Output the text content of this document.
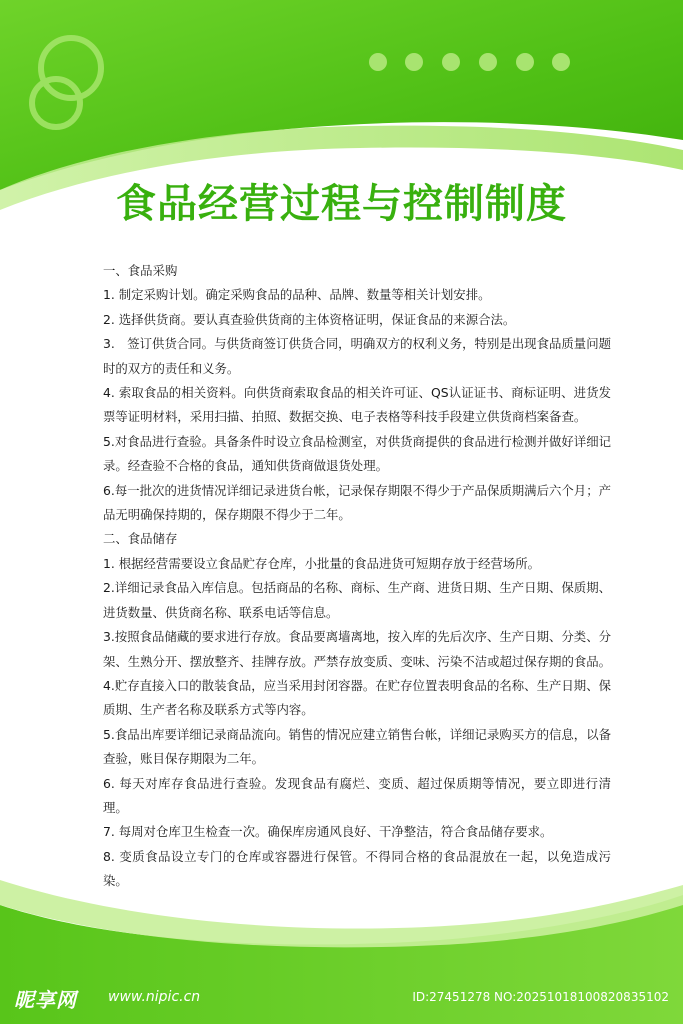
食品经营过程与控制制度

一、食品采购

1. 制定采购计划。确定采购食品的品种、品牌、数量等相关计划安排。

2. 选择供货商。要认真查验供货商的主体资格证明，保证食品的来源合法。

3.　签订供货合同。与供货商签订供货合同，明确双方的权利义务，特别是出现食品质量问题时的双方的责任和义务。

4. 索取食品的相关资料。向供货商索取食品的相关许可证、QS认证证书、商标证明、进货发票等证明材料，采用扫描、拍照、数据交换、电子表格等科技手段建立供货商档案备查。

5.对食品进行查验。具备条件时设立食品检测室，对供货商提供的食品进行检测并做好详细记录。经查验不合格的食品，通知供货商做退货处理。

6.每一批次的进货情况详细记录进货台帐，记录保存期限不得少于产品保质期满后六个月；产品无明确保持期的，保存期限不得少于二年。

二、食品储存

1. 根据经营需要设立食品贮存仓库，小批量的食品进货可短期存放于经营场所。

2.详细记录食品入库信息。包括商品的名称、商标、生产商、进货日期、生产日期、保质期、进货数量、供货商名称、联系电话等信息。

3.按照食品储藏的要求进行存放。食品要离墙离地，按入库的先后次序、生产日期、分类、分架、生熟分开、摆放整齐、挂牌存放。严禁存放变质、变味、污染不洁或超过保存期的食品。

4.贮存直接入口的散装食品，应当采用封闭容器。在贮存位置表明食品的名称、生产日期、保质期、生产者名称及联系方式等内容。

5.食品出库要详细记录商品流向。销售的情况应建立销售台帐，详细记录购买方的信息，以备查验，账目保存期限为二年。

6. 每天对库存食品进行查验。发现食品有腐烂、变质、超过保质期等情况，要立即进行清理。

7. 每周对仓库卫生检查一次。确保库房通风良好、干净整洁，符合食品储存要求。

8. 变质食品设立专门的仓库或容器进行保管。不得同合格的食品混放在一起，以免造成污染。

昵享网 www.nipic.cn	ID:27451278 NO:20251018100820835102
